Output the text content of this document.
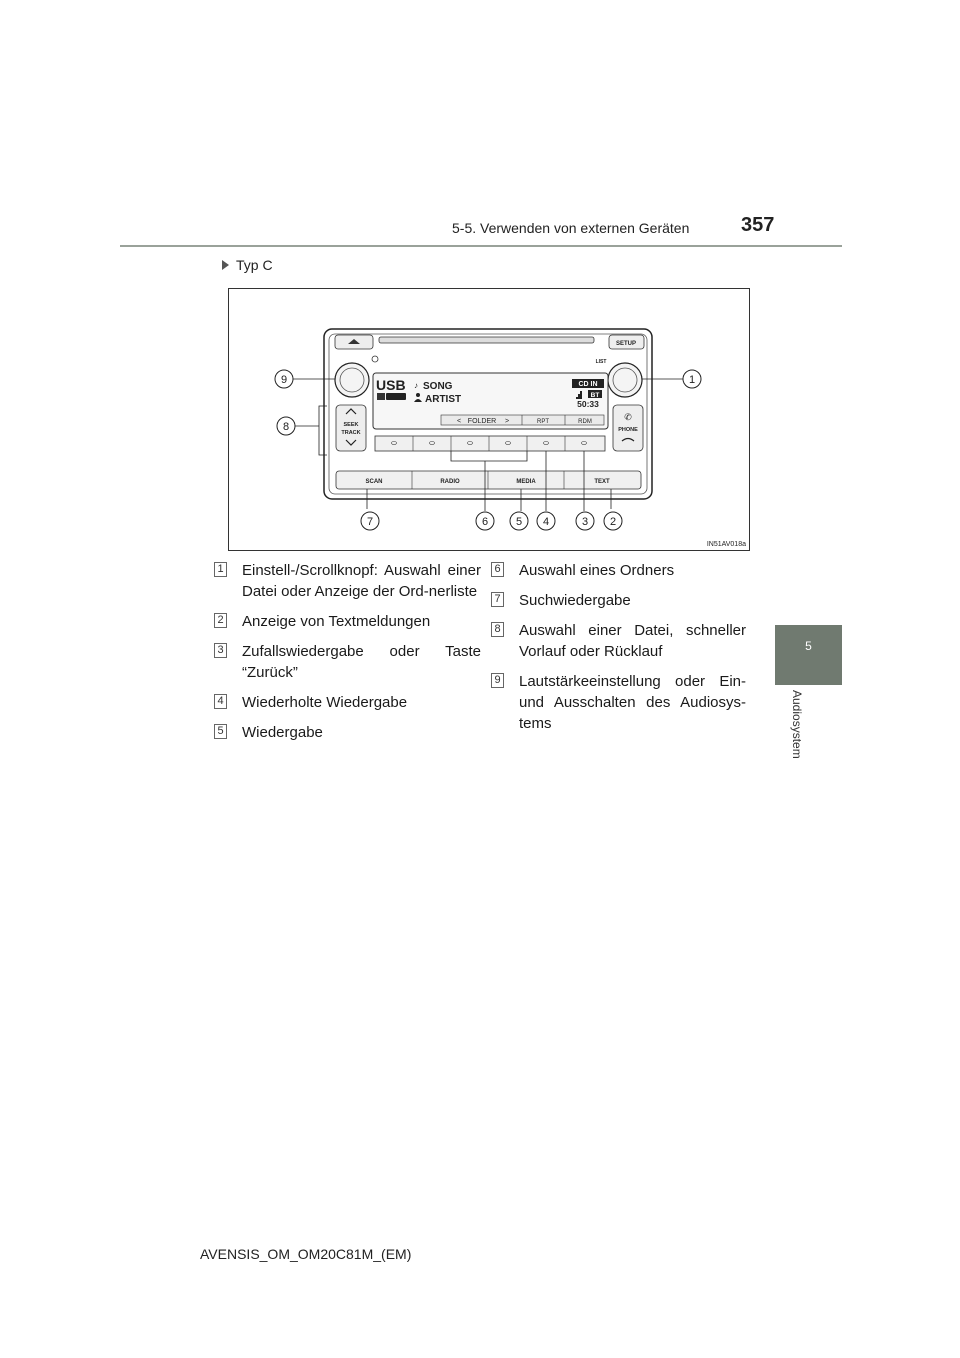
5-5. Verwenden von externen Geräten	357
5
Audiosystem
Typ C
SETUP
LIST
USB ♪ SONG
ARTIST
CD IN
BT
50:33
< FOLDER >	RPT	RDM
SEEK
TRACK
✆
PHONE
SCAN	RADIO	MEDIA	TEXT
9	1
8
7	6	5 4	3 2
IN51AV018a
1 Einstell-/Scrollknopf: Auswahl einer Datei oder Anzeige der Ord-nerliste
2 Anzeige von Textmeldungen
3 Zufallswiedergabe oder Taste “Zurück”
4 Wiederholte Wiedergabe
5 Wiedergabe
6 Auswahl eines Ordners
7 Suchwiedergabe
8 Auswahl einer Datei, schneller Vorlauf oder Rücklauf
9 Lautstärkeeinstellung oder Ein- und Ausschalten des Audiosys-tems
AVENSIS_OM_OM20C81M_(EM)
